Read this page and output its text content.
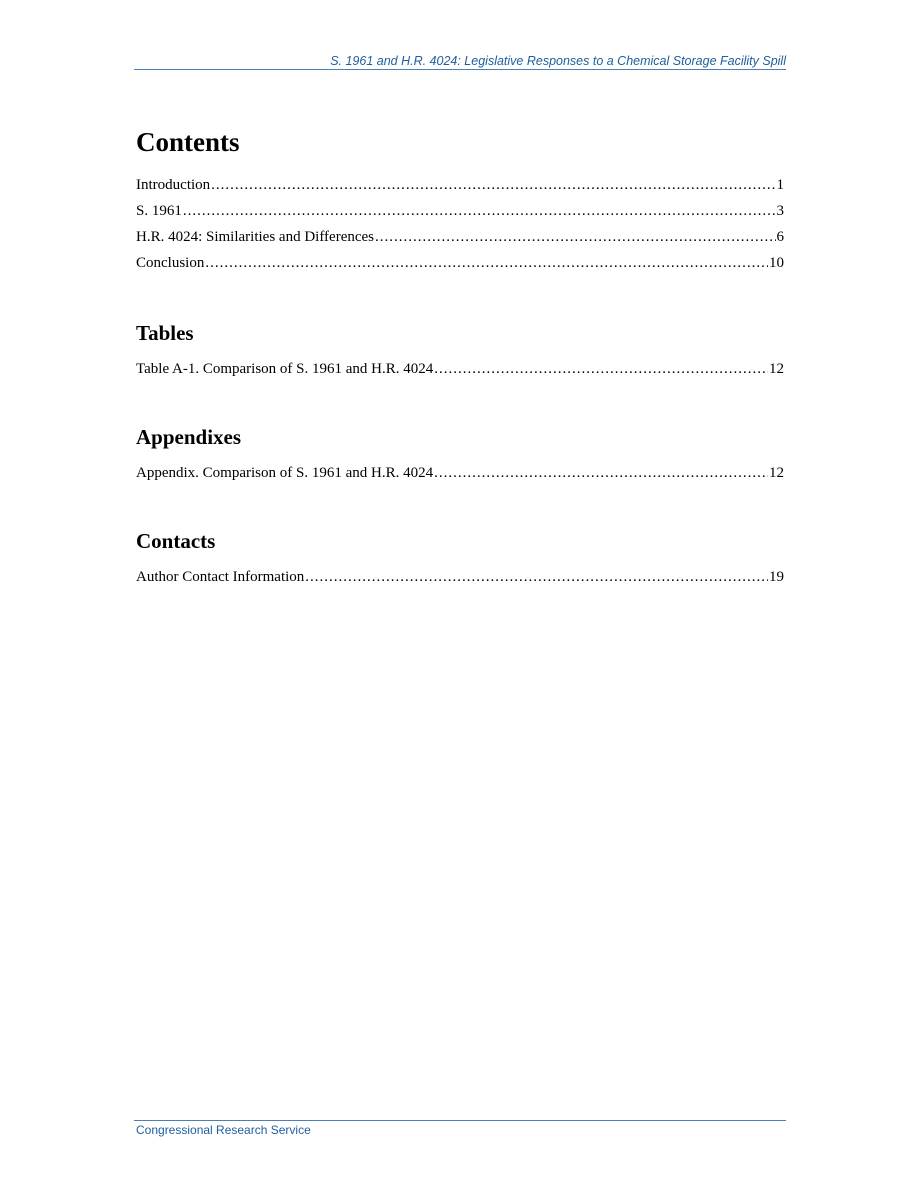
S. 1961 and H.R. 4024: Legislative Responses to a Chemical Storage Facility Spill
Contents
Introduction .....	1
S. 1961 .....	3
H.R. 4024: Similarities and Differences .....	6
Conclusion .....	10
Tables
Table A-1. Comparison of S. 1961 and H.R. 4024 .....	12
Appendixes
Appendix. Comparison of S. 1961 and H.R. 4024 .....	12
Contacts
Author Contact Information .....	19
Congressional Research Service
